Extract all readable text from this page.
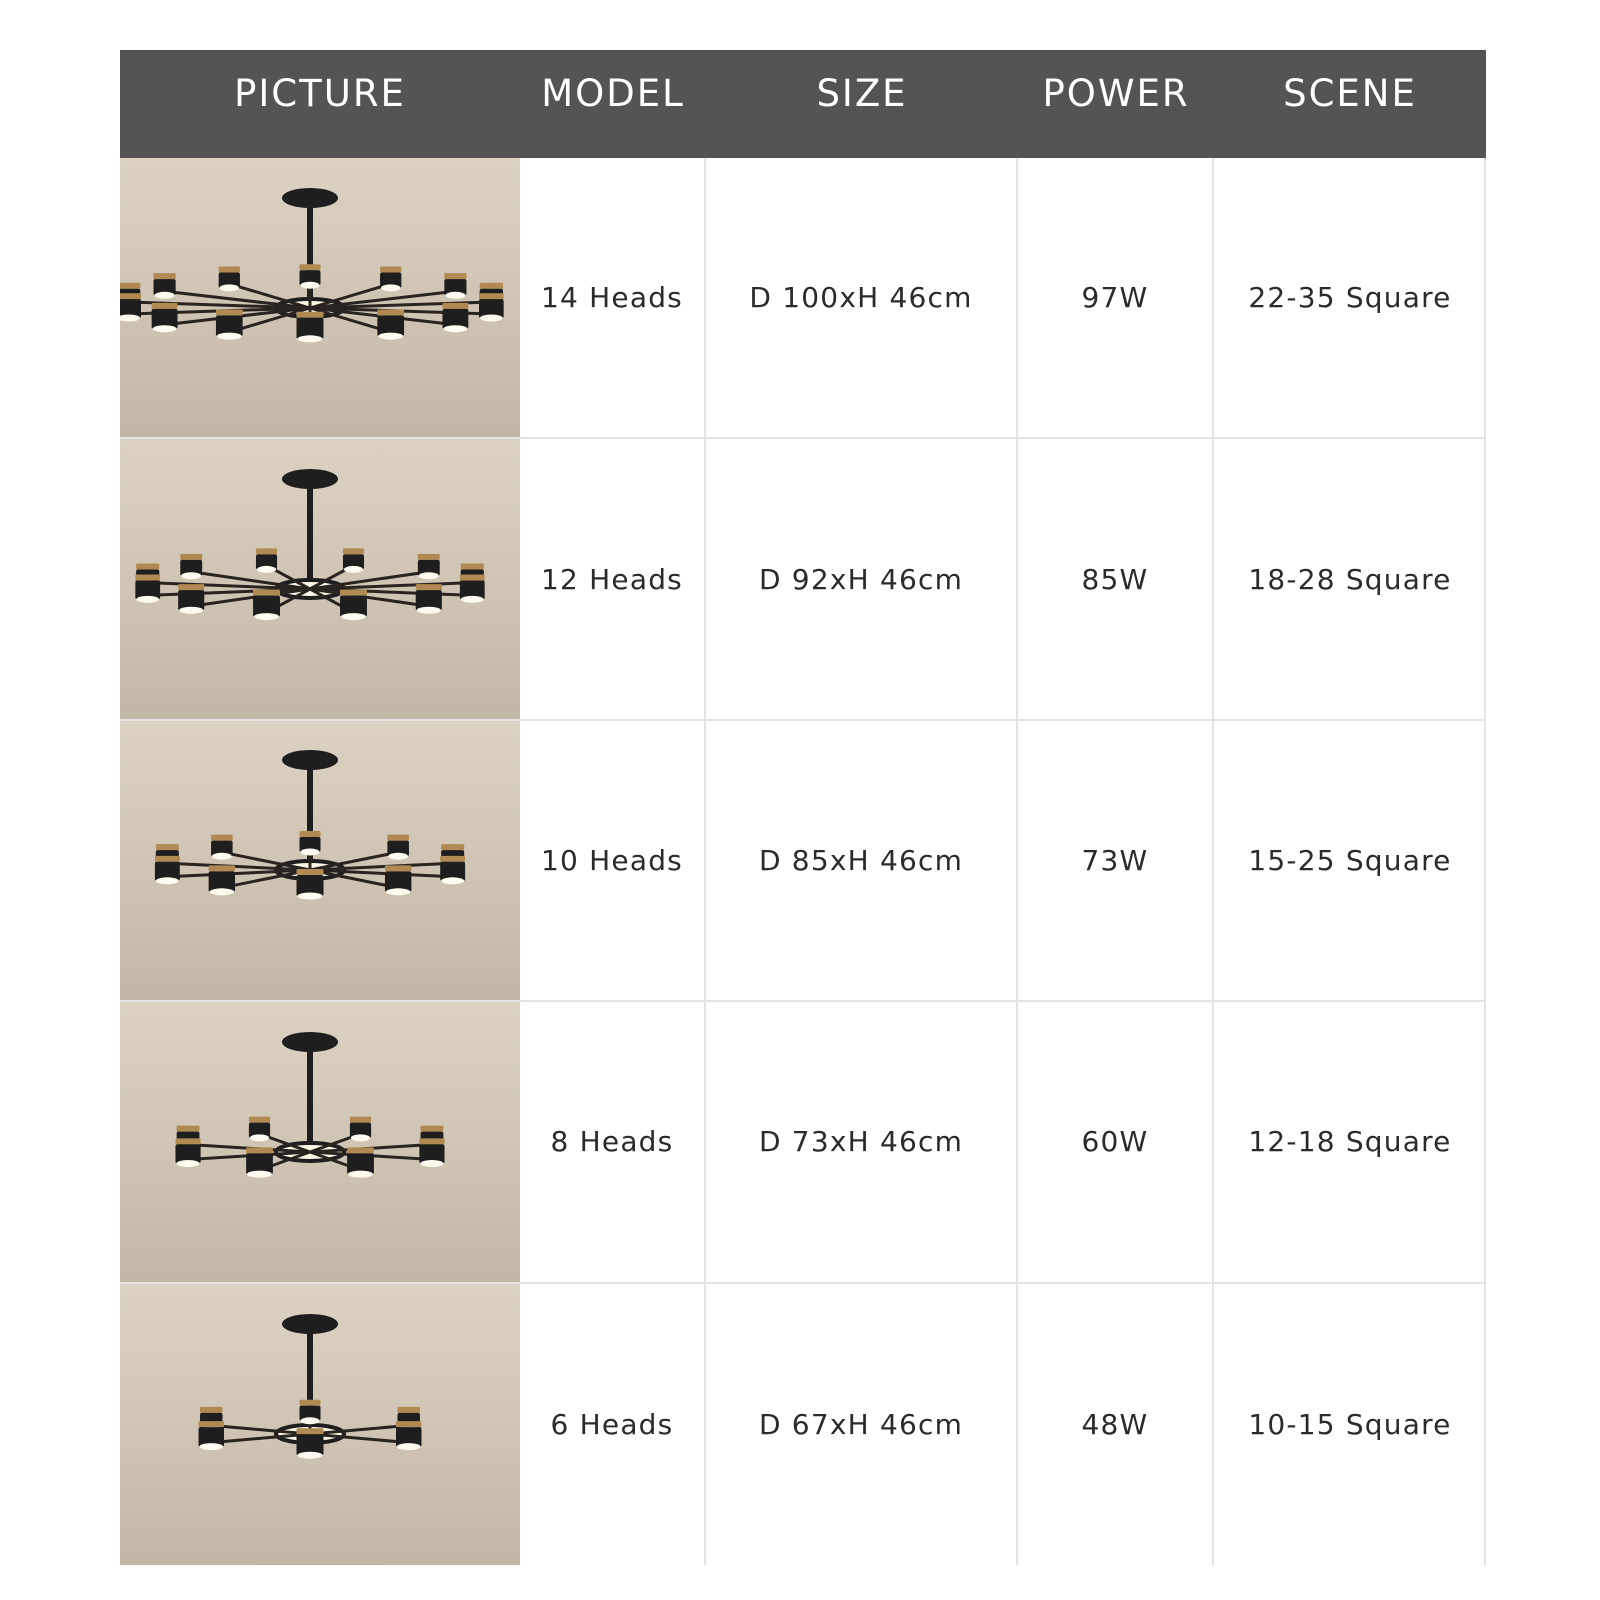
PICTURE	MODEL	SIZE	POWER	SCENE
14 Heads	D 100xH 46cm	97W	22-35 Square
12 Heads	D 92xH 46cm	85W	18-28 Square
10 Heads	D 85xH 46cm	73W	15-25 Square
8 Heads	D 73xH 46cm	60W	12-18 Square
6 Heads	D 67xH 46cm	48W	10-15 Square
